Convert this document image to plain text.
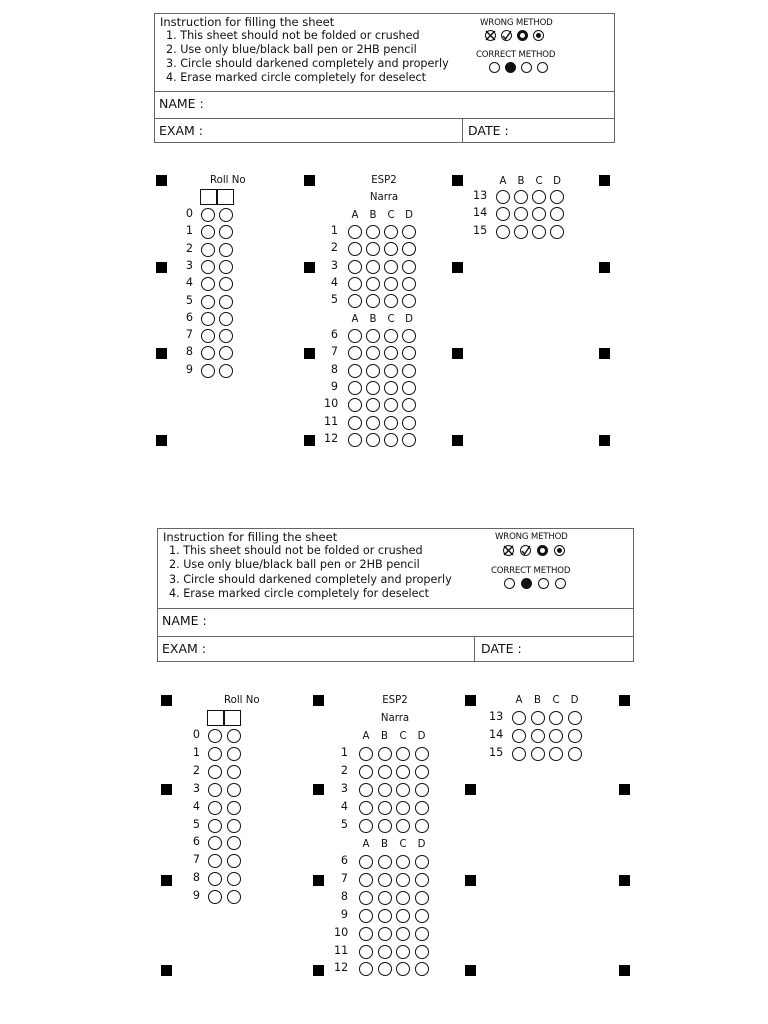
Instruction for filling the sheet
1. This sheet should not be folded or crushed
2. Use only blue/black ball pen or 2HB pencil
3. Circle should darkened completely and properly
4. Erase marked circle completely for deselect
WRONG METHOD
CORRECT METHOD
NAME :
EXAM :	DATE :
Roll No
0
1
2
3
4
5
6
7
8
9
ESP2
Narra
A	B	C	D
1
2
3
4
5
A	B	C	D
6
7
8
9
10
11
12
A	B	C	D
13
14
15
Instruction for filling the sheet
1. This sheet should not be folded or crushed
2. Use only blue/black ball pen or 2HB pencil
3. Circle should darkened completely and properly
4. Erase marked circle completely for deselect
WRONG METHOD
CORRECT METHOD
NAME :
EXAM :	DATE :
Roll No
0
1
2
3
4
5
6
7
8
9
ESP2
Narra
A	B	C	D
1
2
3
4
5
A	B	C	D
6
7
8
9
10
11
12
A	B	C	D
13
14
15
